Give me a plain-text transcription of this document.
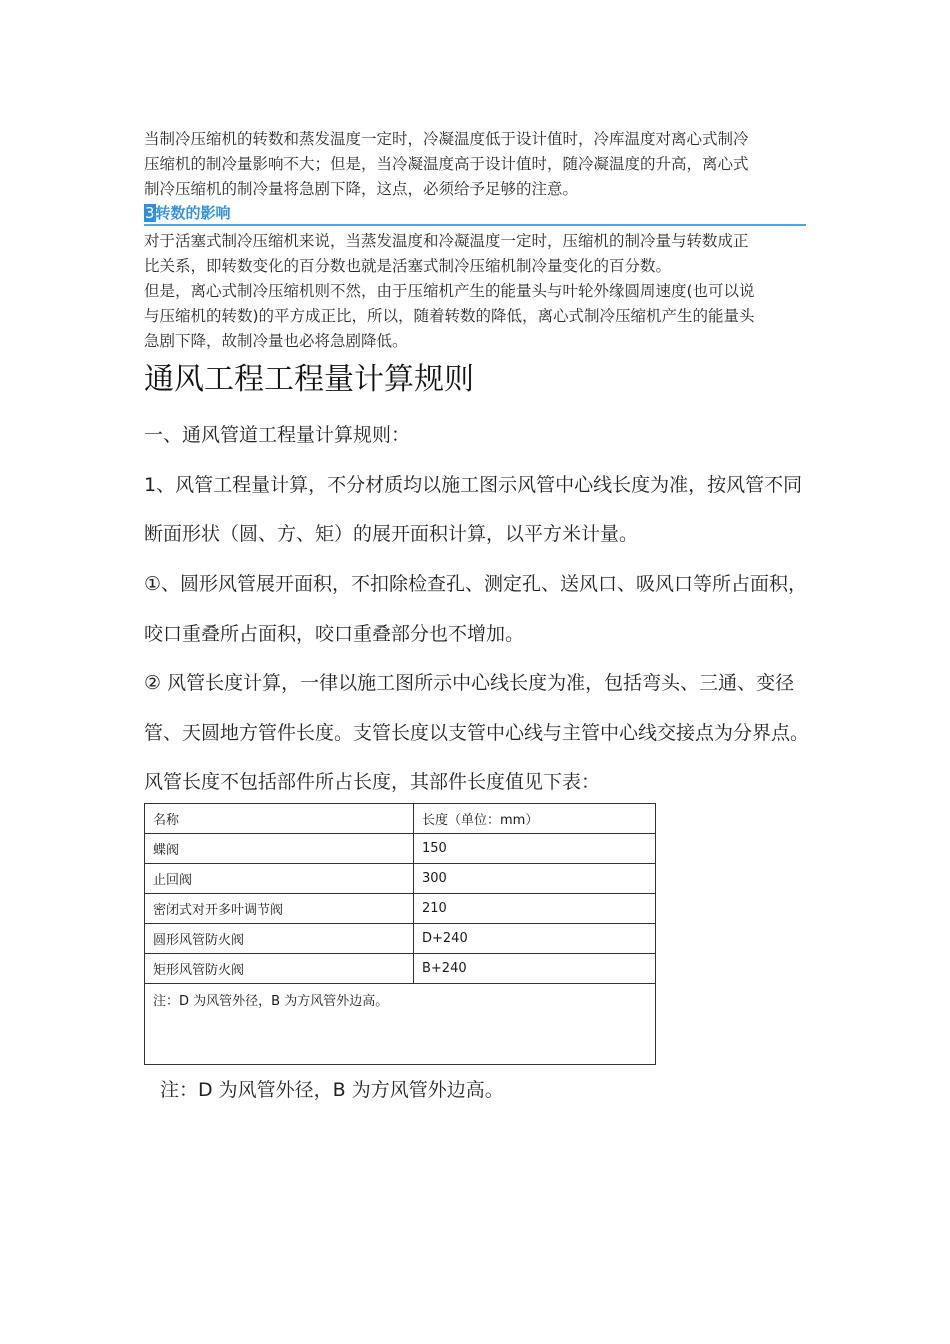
当制冷压缩机的转数和蒸发温度一定时，冷凝温度低于设计值时，冷库温度对离心式制冷
压缩机的制冷量影响不大；但是，当冷凝温度高于设计值时，随冷凝温度的升高，离心式
制冷压缩机的制冷量将急剧下降，这点，必须给予足够的注意。
3转数的影响
对于活塞式制冷压缩机来说，当蒸发温度和冷凝温度一定时，压缩机的制冷量与转数成正
比关系，即转数变化的百分数也就是活塞式制冷压缩机制冷量变化的百分数。
但是，离心式制冷压缩机则不然，由于压缩机产生的能量头与叶轮外缘圆周速度(也可以说
与压缩机的转数)的平方成正比，所以，随着转数的降低，离心式制冷压缩机产生的能量头
急剧下降，故制冷量也必将急剧降低。
通风工程工程量计算规则
一、通风管道工程量计算规则：
1、风管工程量计算，不分材质均以施工图示风管中心线长度为准，按风管不同
断面形状（圆、方、矩）的展开面积计算，以平方米计量。
①、圆形风管展开面积，不扣除检查孔、测定孔、送风口、吸风口等所占面积，
咬口重叠所占面积，咬口重叠部分也不增加。
② 风管长度计算，一律以施工图所示中心线长度为准，包括弯头、三通、变径
管、天圆地方管件长度。支管长度以支管中心线与主管中心线交接点为分界点。
风管长度不包括部件所占长度，其部件长度值见下表：
名称	长度（单位：mm）
蝶阀	150
止回阀	300
密闭式对开多叶调节阀	210
圆形风管防火阀	D+240
矩形风管防火阀	B+240
注：D 为风管外径，B 为方风管外边高。	
注：D 为风管外径，B 为方风管外边高。
